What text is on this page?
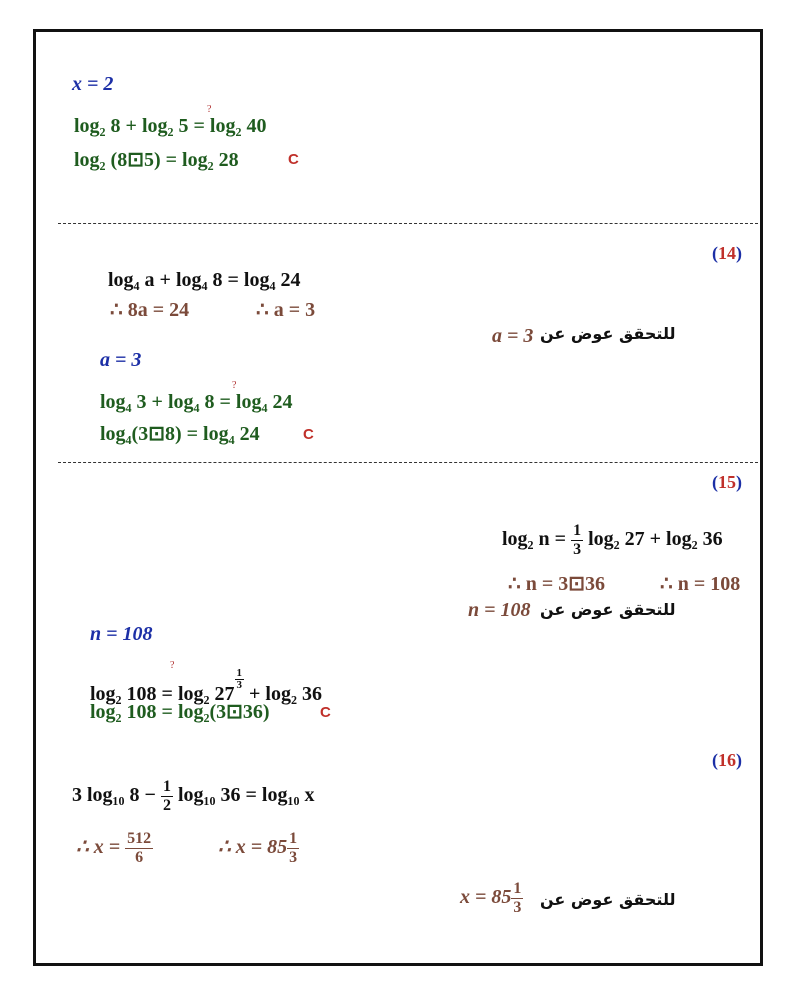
x = 2
?
log₂ 8 + log₂ 5 = log₂ 40
log₂ (8⊡5) = log₂ 28	C
(14)
log₄ a + log₄ 8 = log₄ 24
∴ 8a = 24	∴ a = 3
للتحقق عوض عن
a = 3
a = 3
?
log₄ 3 + log₄ 8 = log₄ 24
log₄(3⊡8) = log₄ 24	C
(15)
log₂ $n = \frac{1}{3} \log_2$ 27 + log₂ 36
∴ n = 3⊡36	∴ n = 108
للتحقق عوض عن
n = 108
n = 108
?
log₂ 108 = log₂ 27
$\frac{1}{3}$
+ log₂ 36
log₂ 108 = log₂(3⊡36)	C
(16)
3 log₁₀ $8 - \frac{1}{2} \log_{10}$ 36 = log₁₀ x
∴ $x = \frac{512}{6}$	∴ $x = 85 \frac{1}{3}$
للتحقق عوض عن
$x = 85 \frac{1}{3}$
